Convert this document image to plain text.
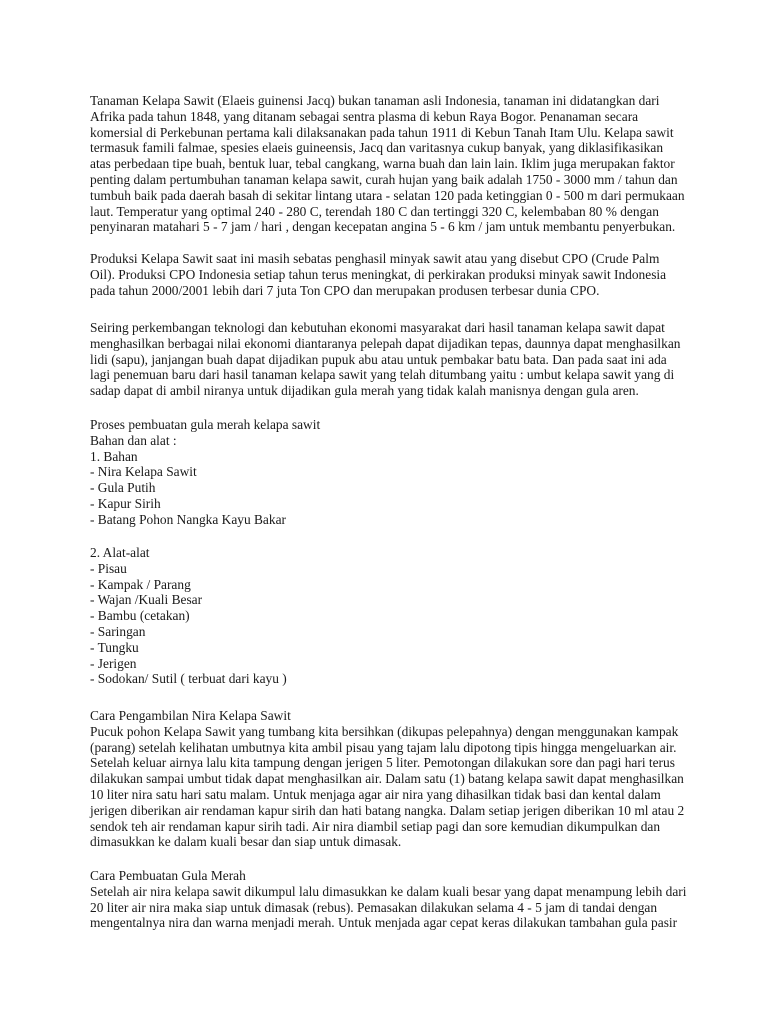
Tanaman Kelapa Sawit (Elaeis guinensi Jacq) bukan tanaman asli Indonesia, tanaman ini didatangkan dari
Afrika pada tahun 1848, yang ditanam sebagai sentra plasma di kebun Raya Bogor. Penanaman secara
komersial di Perkebunan pertama kali dilaksanakan pada tahun 1911 di Kebun Tanah Itam Ulu. Kelapa sawit
termasuk famili falmae, spesies elaeis guineensis, Jacq dan varitasnya cukup banyak, yang diklasifikasikan
atas perbedaan tipe buah, bentuk luar, tebal cangkang, warna buah dan lain lain. Iklim juga merupakan faktor
penting dalam pertumbuhan tanaman kelapa sawit, curah hujan yang baik adalah 1750 - 3000 mm / tahun dan
tumbuh baik pada daerah basah di sekitar lintang utara - selatan 120 pada ketinggian 0 - 500 m dari permukaan
laut. Temperatur yang optimal 240 - 280 C, terendah 180 C dan tertinggi 320 C, kelembaban 80 % dengan
penyinaran matahari 5 - 7 jam / hari , dengan kecepatan angina 5 - 6 km / jam untuk membantu penyerbukan.
Produksi Kelapa Sawit saat ini masih sebatas penghasil minyak sawit atau yang disebut CPO (Crude Palm
Oil). Produksi CPO Indonesia setiap tahun terus meningkat, di perkirakan produksi minyak sawit Indonesia
pada tahun 2000/2001 lebih dari 7 juta Ton CPO dan merupakan produsen terbesar dunia CPO.
Seiring perkembangan teknologi dan kebutuhan ekonomi masyarakat dari hasil tanaman kelapa sawit dapat
menghasilkan berbagai nilai ekonomi diantaranya pelepah dapat dijadikan tepas, daunnya dapat menghasilkan
lidi (sapu), janjangan buah dapat dijadikan pupuk abu atau untuk pembakar batu bata. Dan pada saat ini ada
lagi penemuan baru dari hasil tanaman kelapa sawit yang telah ditumbang yaitu : umbut kelapa sawit yang di
sadap dapat di ambil niranya untuk dijadikan gula merah yang tidak kalah manisnya dengan gula aren.
Proses pembuatan gula merah kelapa sawit
Bahan dan alat :
1. Bahan
- Nira Kelapa Sawit
- Gula Putih
- Kapur Sirih
- Batang Pohon Nangka Kayu Bakar
2. Alat-alat
- Pisau
- Kampak / Parang
- Wajan /Kuali Besar
- Bambu (cetakan)
- Saringan
- Tungku
- Jerigen
- Sodokan/ Sutil ( terbuat dari kayu )
Cara Pengambilan Nira Kelapa Sawit
Pucuk pohon Kelapa Sawit yang tumbang kita bersihkan (dikupas pelepahnya) dengan menggunakan kampak
(parang) setelah kelihatan umbutnya kita ambil pisau yang tajam lalu dipotong tipis hingga mengeluarkan air.
Setelah keluar airnya lalu kita tampung dengan jerigen 5 liter. Pemotongan dilakukan sore dan pagi hari terus
dilakukan sampai umbut tidak dapat menghasilkan air. Dalam satu (1) batang kelapa sawit dapat menghasilkan
10 liter nira satu hari satu malam. Untuk menjaga agar air nira yang dihasilkan tidak basi dan kental dalam
jerigen diberikan air rendaman kapur sirih dan hati batang nangka. Dalam setiap jerigen diberikan 10 ml atau 2
sendok teh air rendaman kapur sirih tadi. Air nira diambil setiap pagi dan sore kemudian dikumpulkan dan
dimasukkan ke dalam kuali besar dan siap untuk dimasak.
Cara Pembuatan Gula Merah
Setelah air nira kelapa sawit dikumpul lalu dimasukkan ke dalam kuali besar yang dapat menampung lebih dari
20 liter air nira maka siap untuk dimasak (rebus). Pemasakan dilakukan selama 4 - 5 jam di tandai dengan
mengentalnya nira dan warna menjadi merah. Untuk menjada agar cepat keras dilakukan tambahan gula pasir
